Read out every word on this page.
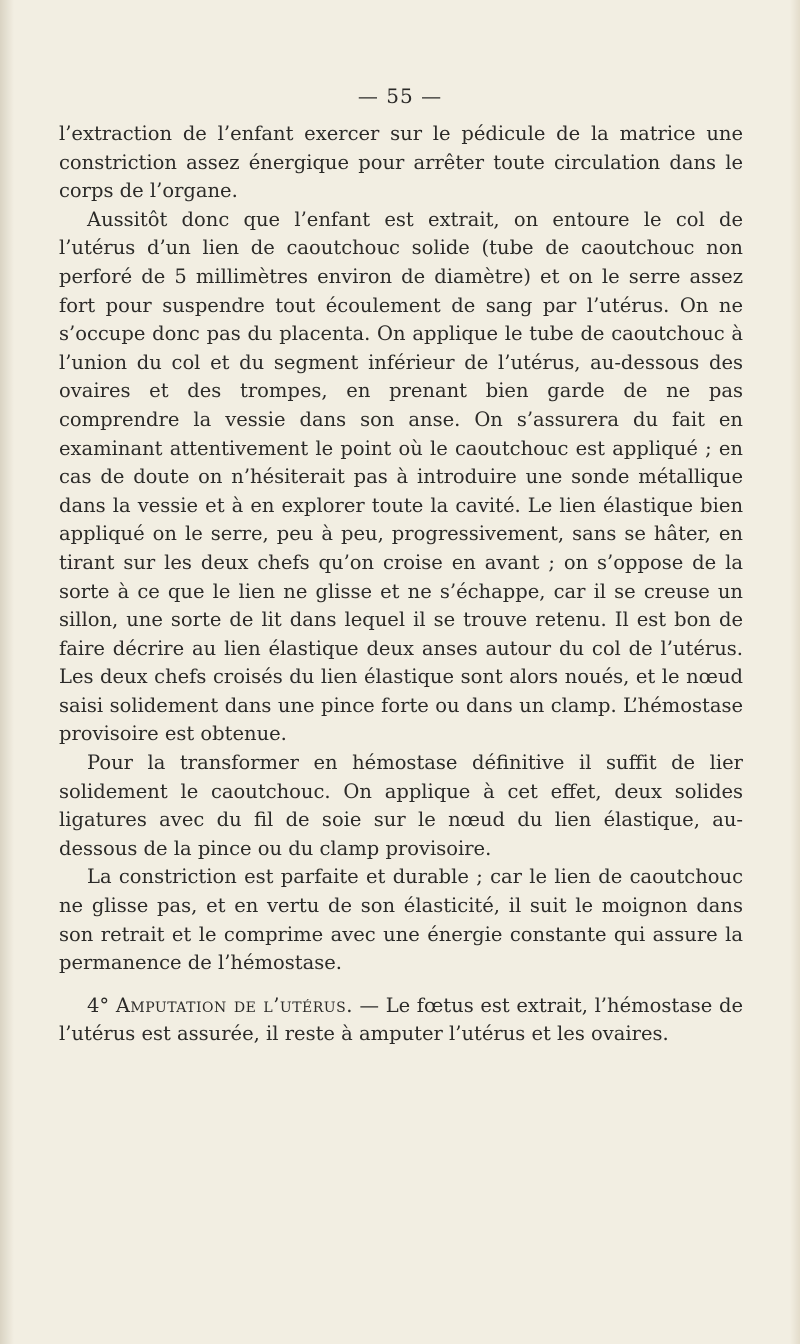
— 55 —

l’extraction de l’enfant exercer sur le pédicule de la matrice une constriction assez énergique pour arrêter toute circulation dans le corps de l’organe.

Aussitôt donc que l’enfant est extrait, on entoure le col de l’utérus d’un lien de caoutchouc solide (tube de caoutchouc non perforé de 5 millimètres environ de diamètre) et on le serre assez fort pour suspendre tout écoulement de sang par l’utérus. On ne s’occupe donc pas du placenta. On applique le tube de caoutchouc à l’union du col et du segment inférieur de l’utérus, au-dessous des ovaires et des trompes, en prenant bien garde de ne pas comprendre la vessie dans son anse. On s’assurera du fait en examinant attentivement le point où le caoutchouc est appliqué ; en cas de doute on n’hésiterait pas à introduire une sonde métallique dans la vessie et à en explorer toute la cavité. Le lien élastique bien appliqué on le serre, peu à peu, progressivement, sans se hâter, en tirant sur les deux chefs qu’on croise en avant ; on s’oppose de la sorte à ce que le lien ne glisse et ne s’échappe, car il se creuse un sillon, une sorte de lit dans lequel il se trouve retenu. Il est bon de faire décrire au lien élastique deux anses autour du col de l’utérus. Les deux chefs croisés du lien élastique sont alors noués, et le nœud saisi solidement dans une pince forte ou dans un clamp. L’hémostase provisoire est obtenue.

Pour la transformer en hémostase définitive il suffit de lier solidement le caoutchouc. On applique à cet effet, deux solides ligatures avec du fil de soie sur le nœud du lien élastique, au-dessous de la pince ou du clamp provisoire.

La constriction est parfaite et durable ; car le lien de caoutchouc ne glisse pas, et en vertu de son élasticité, il suit le moignon dans son retrait et le comprime avec une énergie constante qui assure la permanence de l’hémostase.

4° Amputation de l’utérus. — Le fœtus est extrait, l’hémostase de l’utérus est assurée, il reste à amputer l’utérus et les ovaires.
